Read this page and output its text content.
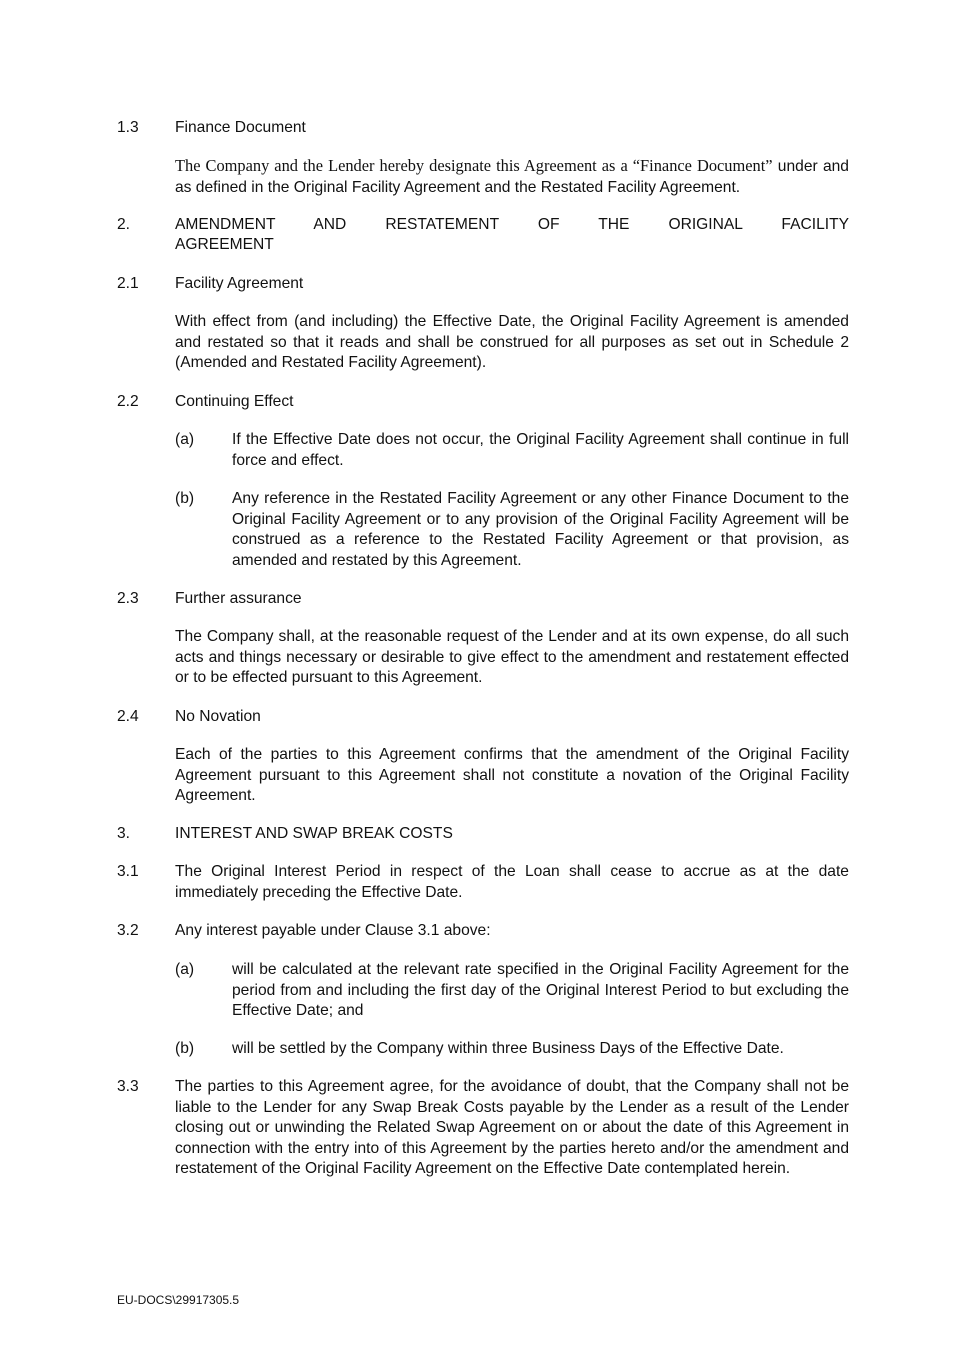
1.3 Finance Document
The Company and the Lender hereby designate this Agreement as a “Finance Document” under and as defined in the Original Facility Agreement and the Restated Facility Agreement.
2.	AMENDMENT AND RESTATEMENT OF THE ORIGINAL FACILITY
AGREEMENT
2.1 Facility Agreement
With effect from (and including) the Effective Date, the Original Facility Agreement is amended and restated so that it reads and shall be construed for all purposes as set out in Schedule 2 (Amended and Restated Facility Agreement).
2.2 Continuing Effect
(a) If the Effective Date does not occur, the Original Facility Agreement shall continue in full force and effect.
(b) Any reference in the Restated Facility Agreement or any other Finance Document to the Original Facility Agreement or to any provision of the Original Facility Agreement will be construed as a reference to the Restated Facility Agreement or that provision, as amended and restated by this Agreement.
2.3 Further assurance
The Company shall, at the reasonable request of the Lender and at its own expense, do all such acts and things necessary or desirable to give effect to the amendment and restatement effected or to be effected pursuant to this Agreement.
2.4 No Novation
Each of the parties to this Agreement confirms that the amendment of the Original Facility Agreement pursuant to this Agreement shall not constitute a novation of the Original Facility Agreement.
3.	INTEREST AND SWAP BREAK COSTS
3.1 The Original Interest Period in respect of the Loan shall cease to accrue as at the date immediately preceding the Effective Date.
3.2 Any interest payable under Clause 3.1 above:
(a) will be calculated at the relevant rate specified in the Original Facility Agreement for the period from and including the first day of the Original Interest Period to but excluding the Effective Date; and
(b) will be settled by the Company within three Business Days of the Effective Date.
3.3 The parties to this Agreement agree, for the avoidance of doubt, that the Company shall not be liable to the Lender for any Swap Break Costs payable by the Lender as a result of the Lender closing out or unwinding the Related Swap Agreement on or about the date of this Agreement in connection with the entry into of this Agreement by the parties hereto and/or the amendment and restatement of the Original Facility Agreement on the Effective Date contemplated herein.
EU-DOCS\29917305.5
